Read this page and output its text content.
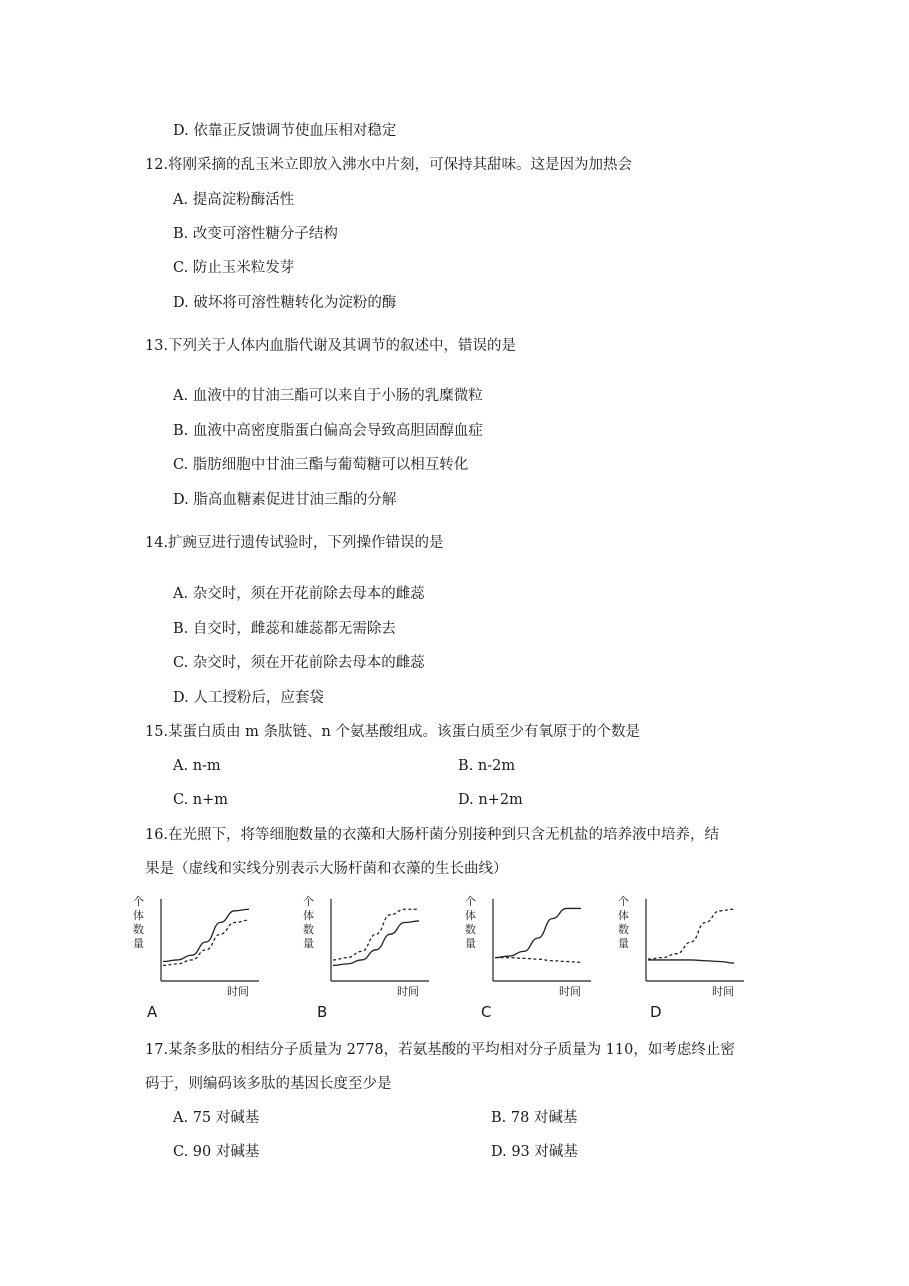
D. 依靠正反馈调节使血压相对稳定
12.将刚采摘的乱玉米立即放入沸水中片刻，可保持其甜味。这是因为加热会
A. 提高淀粉酶活性
B. 改变可溶性糖分子结构
C. 防止玉米粒发芽
D. 破坏将可溶性糖转化为淀粉的酶
13.下列关于人体内血脂代谢及其调节的叙述中，错误的是
A. 血液中的甘油三酯可以来自于小肠的乳糜微粒
B. 血液中高密度脂蛋白偏高会导致高胆固醇血症
C. 脂肪细胞中甘油三酯与葡萄糖可以相互转化
D. 脂高血糖素促进甘油三酯的分解
14.扩豌豆进行遗传试验时，下列操作错误的是
A. 杂交时，须在开花前除去母本的雌蕊
B. 自交时，雌蕊和雄蕊都无需除去
C. 杂交时，须在开花前除去母本的雌蕊
D. 人工授粉后，应套袋
15.某蛋白质由 m 条肽链、n 个氨基酸组成。该蛋白质至少有氧原于的个数是
A. n-m	B. n-2m
C. n+m	D. n+2m
16.在光照下，将等细胞数量的衣藻和大肠杆菌分别接种到只含无机盐的培养液中培养，结
果是（虚线和实线分别表示大肠杆菌和衣藻的生长曲线）
个
体
数
量
时间
A
个
体
数
量
时间
B
个
体
数
量
时间
C
个
体
数
量
时间
D
17.某条多肽的相结分子质量为 2778，若氨基酸的平均相对分子质量为 110，如考虑终止密
码于，则编码该多肽的基因长度至少是
A. 75 对碱基	B. 78 对碱基
C. 90 对碱基	D. 93 对碱基
